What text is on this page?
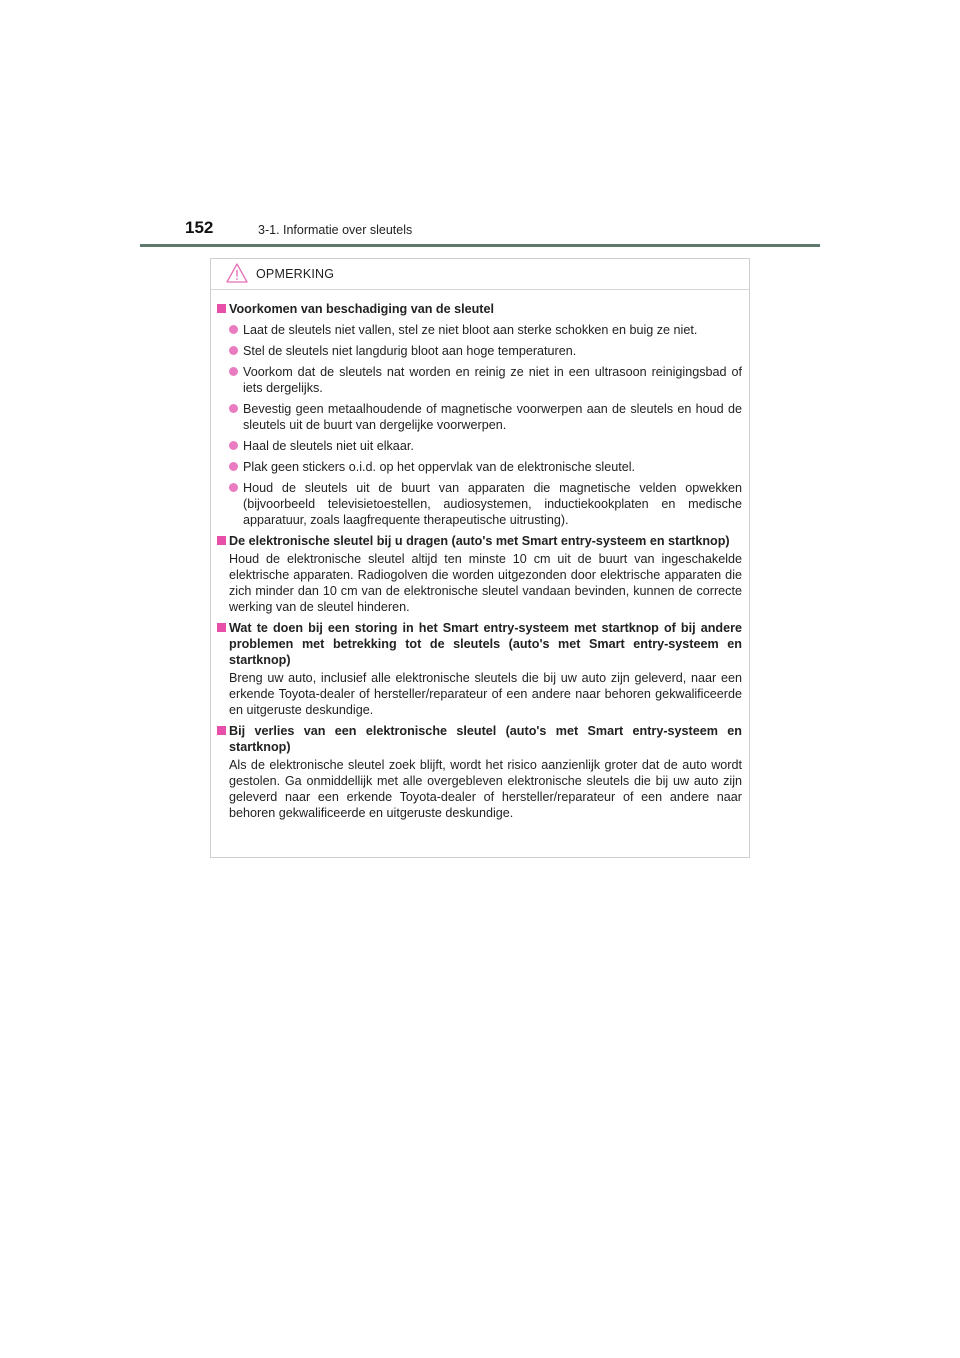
152	3-1. Informatie over sleutels
OPMERKING
Voorkomen van beschadiging van de sleutel
Laat de sleutels niet vallen, stel ze niet bloot aan sterke schokken en buig ze niet.
Stel de sleutels niet langdurig bloot aan hoge temperaturen.
Voorkom dat de sleutels nat worden en reinig ze niet in een ultrasoon reinigingsbad of iets dergelijks.
Bevestig geen metaalhoudende of magnetische voorwerpen aan de sleutels en houd de sleutels uit de buurt van dergelijke voorwerpen.
Haal de sleutels niet uit elkaar.
Plak geen stickers o.i.d. op het oppervlak van de elektronische sleutel.
Houd de sleutels uit de buurt van apparaten die magnetische velden opwekken (bijvoorbeeld televisietoestellen, audiosystemen, inductiekookplaten en medische apparatuur, zoals laagfrequente therapeutische uitrusting).
De elektronische sleutel bij u dragen (auto's met Smart entry-systeem en startknop)
Houd de elektronische sleutel altijd ten minste 10 cm uit de buurt van ingeschakelde elektrische apparaten. Radiogolven die worden uitgezonden door elektrische apparaten die zich minder dan 10 cm van de elektronische sleutel vandaan bevinden, kunnen de correcte werking van de sleutel hinderen.
Wat te doen bij een storing in het Smart entry-systeem met startknop of bij andere problemen met betrekking tot de sleutels (auto's met Smart entry-systeem en startknop)
Breng uw auto, inclusief alle elektronische sleutels die bij uw auto zijn geleverd, naar een erkende Toyota-dealer of hersteller/reparateur of een andere naar behoren gekwalificeerde en uitgeruste deskundige.
Bij verlies van een elektronische sleutel (auto's met Smart entry-systeem en startknop)
Als de elektronische sleutel zoek blijft, wordt het risico aanzienlijk groter dat de auto wordt gestolen. Ga onmiddellijk met alle overgebleven elektronische sleutels die bij uw auto zijn geleverd naar een erkende Toyota-dealer of hersteller/reparateur of een andere naar behoren gekwalificeerde en uitgeruste deskundige.
